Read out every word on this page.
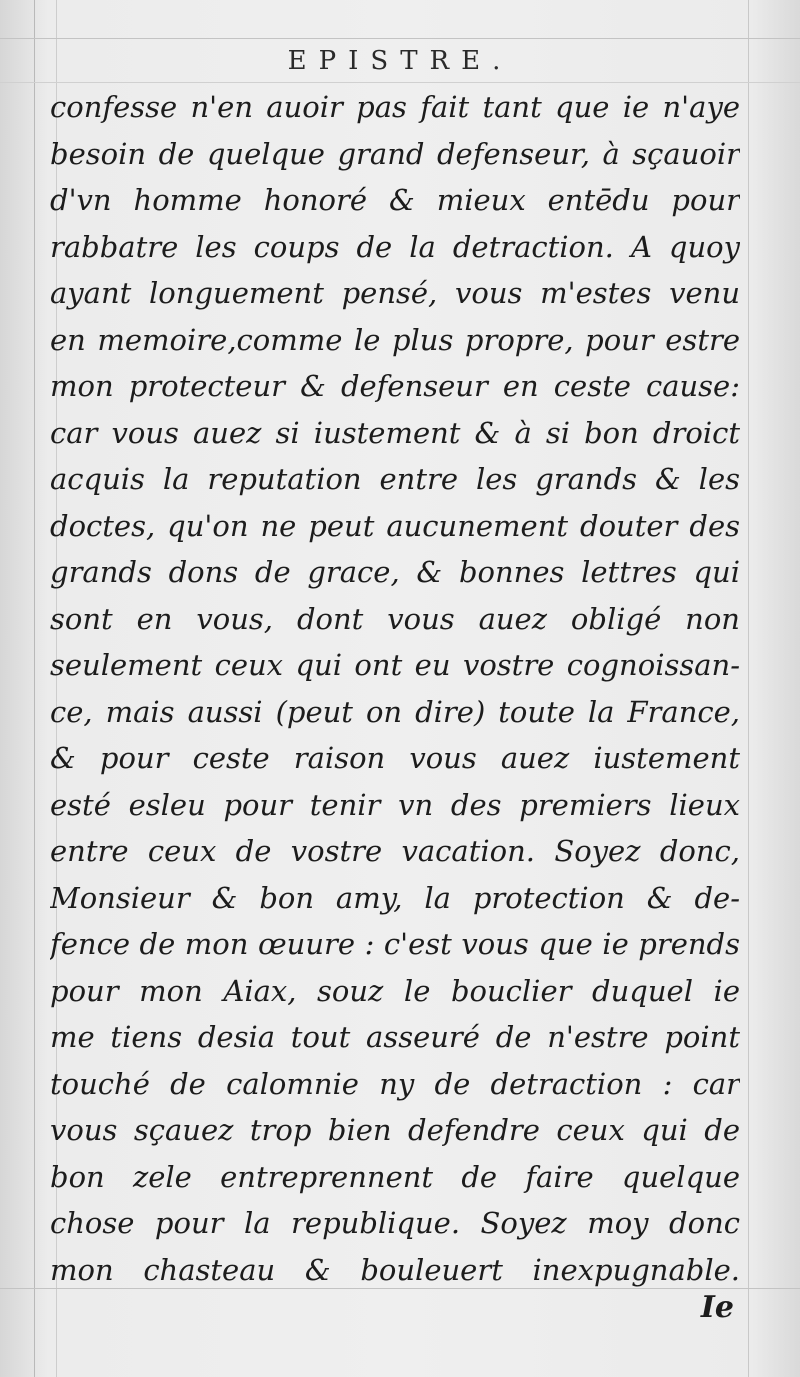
EPISTRE.
confesse n'en auoir pas fait tant que ie n'aye
besoin de quelque grand defenseur, à sçauoir
d'vn homme honoré & mieux entēdu pour
rabbatre les coups de la detraction. A quoy
ayant longuement pensé, vous m'estes venu
en memoire,comme le plus propre, pour estre
mon protecteur & defenseur en ceste cause:
car vous auez si iustement & à si bon droict
acquis la reputation entre les grands & les
doctes, qu'on ne peut aucunement douter des
grands dons de grace, & bonnes lettres qui
sont en vous, dont vous auez obligé non
seulement ceux qui ont eu vostre cognoissan-
ce, mais aussi (peut on dire) toute la France,
& pour ceste raison vous auez iustement
esté esleu pour tenir vn des premiers lieux
entre ceux de vostre vacation. Soyez donc,
Monsieur & bon amy, la protection & de-
fence de mon œuure : c'est vous que ie prends
pour mon Aiax, souz le bouclier duquel ie
me tiens desia tout asseuré de n'estre point
touché de calomnie ny de detraction : car
vous sçauez trop bien defendre ceux qui de
bon zele entreprennent de faire quelque
chose pour la republique. Soyez moy donc
mon chasteau & bouleuert inexpugnable.
Ie
